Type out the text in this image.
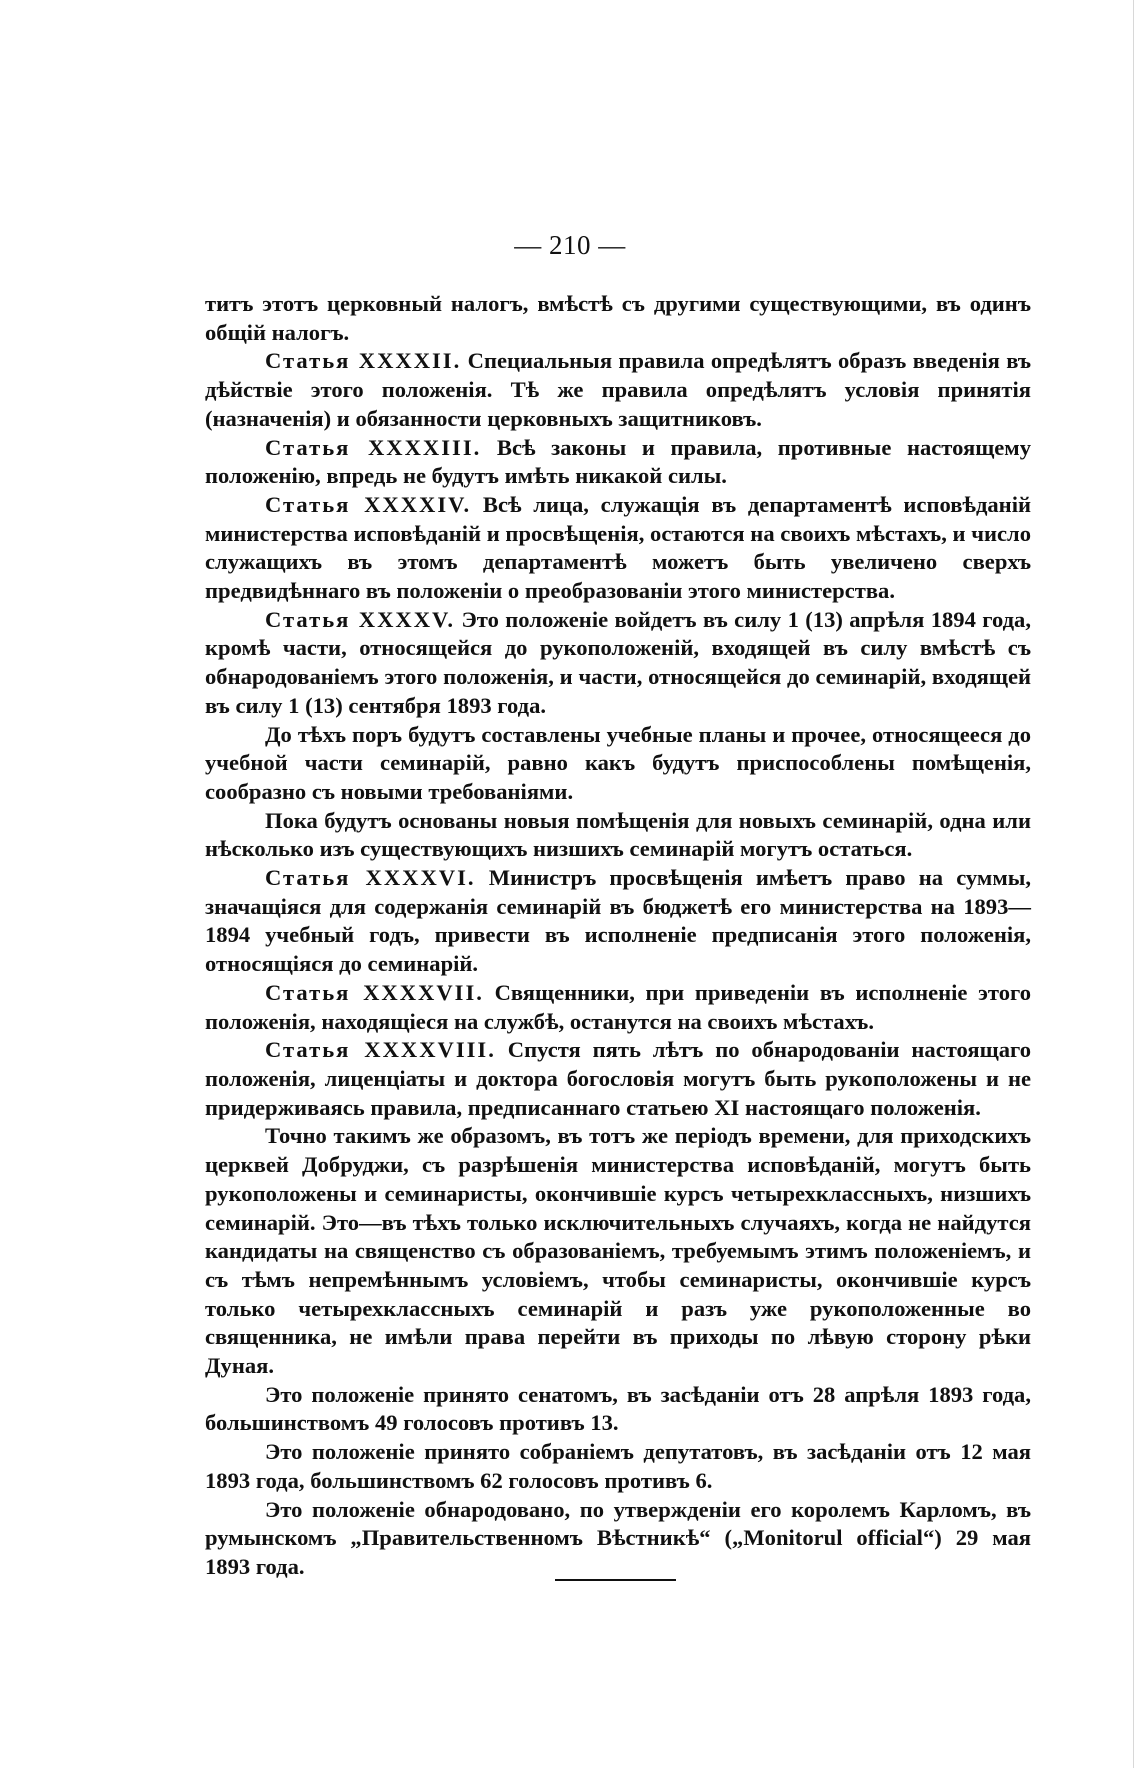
— 210 —

титъ этотъ церковный налогъ, вмѣстѣ съ другими существующими, въ одинъ общій налогъ.

Статья XXXXII. Специальныя правила опредѣлятъ образъ введенія въ дѣйствіе этого положенія. Тѣ же правила опредѣлятъ условія принятія (назначенія) и обязанности церковныхъ защитниковъ.

Статья XXXXIII. Всѣ законы и правила, противные настоящему положенію, впредь не будутъ имѣть никакой силы.

Статья XXXXIV. Всѣ лица, служащія въ департаментѣ исповѣданій министерства исповѣданій и просвѣщенія, остаются на своихъ мѣстахъ, и число служащихъ въ этомъ департаментѣ можетъ быть увеличено сверхъ предвидѣннаго въ положеніи о преобразованіи этого министерства.

Статья XXXXV. Это положеніе войдетъ въ силу 1 (13) апрѣля 1894 года, кромѣ части, относящейся до рукоположеній, входящей въ силу вмѣстѣ съ обнародованіемъ этого положенія, и части, относящейся до семинарій, входящей въ силу 1 (13) сентября 1893 года.

До тѣхъ поръ будутъ составлены учебные планы и прочее, относящееся до учебной части семинарій, равно какъ будутъ приспособлены помѣщенія, сообразно съ новыми требованіями.

Пока будутъ основаны новыя помѣщенія для новыхъ семинарій, одна или нѣсколько изъ существующихъ низшихъ семинарій могутъ остаться.

Статья XXXXVI. Министръ просвѣщенія имѣетъ право на суммы, значащіяся для содержанія семинарій въ бюджетѣ его министерства на 1893—1894 учебный годъ, привести въ исполненіе предписанія этого положенія, относящіяся до семинарій.

Статья XXXXVII. Священники, при приведеніи въ исполненіе этого положенія, находящіеся на службѣ, останутся на своихъ мѣстахъ.

Статья XXXXVIII. Спустя пять лѣтъ по обнародованіи настоящаго положенія, лиценціаты и доктора богословія могутъ быть рукоположены и не придерживаясь правила, предписаннаго статьею XI настоящаго положенія.

Точно такимъ же образомъ, въ тотъ же періодъ времени, для приходскихъ церквей Добруджи, съ разрѣшенія министерства исповѣданій, могутъ быть рукоположены и семинаристы, окончившіе курсъ четырехклассныхъ, низшихъ семинарій. Это—въ тѣхъ только исключительныхъ случаяхъ, когда не найдутся кандидаты на священство съ образованіемъ, требуемымъ этимъ положеніемъ, и съ тѣмъ непремѣннымъ условіемъ, чтобы семинаристы, окончившіе курсъ только четырехклассныхъ семинарій и разъ уже рукоположенные во священника, не имѣли права перейти въ приходы по лѣвую сторону рѣки Дуная.

Это положеніе принято сенатомъ, въ засѣданіи отъ 28 апрѣля 1893 года, большинствомъ 49 голосовъ противъ 13.

Это положеніе принято собраніемъ депутатовъ, въ засѣданіи отъ 12 мая 1893 года, большинствомъ 62 голосовъ противъ 6.

Это положеніе обнародовано, по утвержденіи его королемъ Карломъ, въ румынскомъ „Правительственномъ Вѣстникѣ“ („Monitorul official“) 29 мая 1893 года.
